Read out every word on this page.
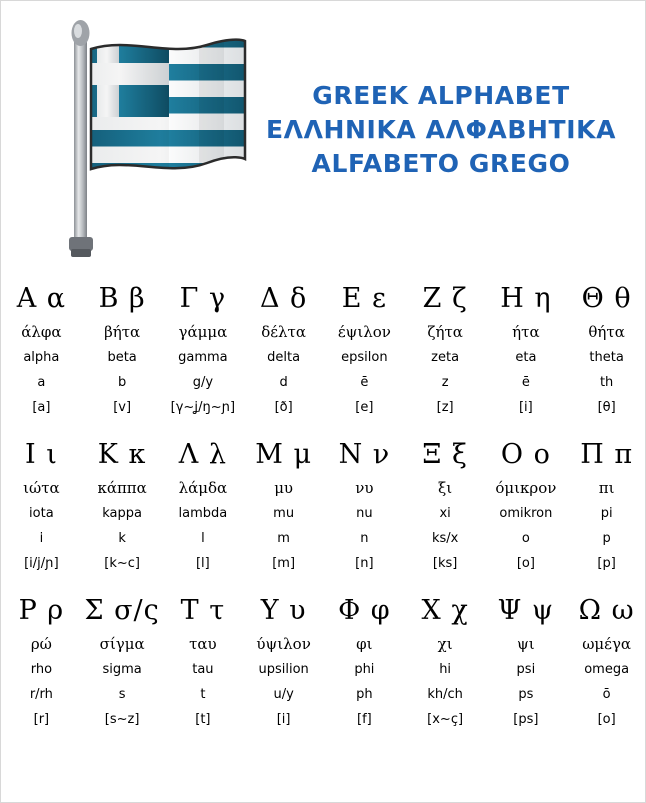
GREEK ALPHABET
ΕΛΛΗΝΙΚΑ ΑΛΦΑΒΗΤΙΚΑ
ALFABETO GREGO
Α α
άλφα
alpha
a
[a]
Β β
βήτα
beta
b
[v]
Γ γ
γάμμα
gamma
g/y
[γ~ʝ/ŋ~ɲ]
Δ δ
δέλτα
delta
d
[ð]
Ε ε
έψιλον
epsilon
ē
[e]
Ζ ζ
ζήτα
zeta
z
[z]
Η η
ήτα
eta
ē
[i]
Θ θ
θήτα
theta
th
[θ]
Ι ι
ιώτα
iota
i
[i/j/ɲ]
Κ κ
κάππα
kappa
k
[k~c]
Λ λ
λάμδα
lambda
l
[l]
Μ μ
μυ
mu
m
[m]
Ν ν
νυ
nu
n
[n]
Ξ ξ
ξι
xi
ks/x
[ks]
Ο ο
όμικρον
omikron
o
[o]
Π π
πι
pi
p
[p]
Ρ ρ
ρώ
rho
r/rh
[r]
Σ σ/ς
σίγμα
sigma
s
[s~z]
Τ τ
ταυ
tau
t
[t]
Υ υ
ύψιλον
upsilion
u/y
[i]
Φ φ
φι
phi
ph
[f]
Χ χ
χι
hi
kh/ch
[x~ç]
Ψ ψ
ψι
psi
ps
[ps]
Ω ω
ωμέγα
omega
ō
[o]
